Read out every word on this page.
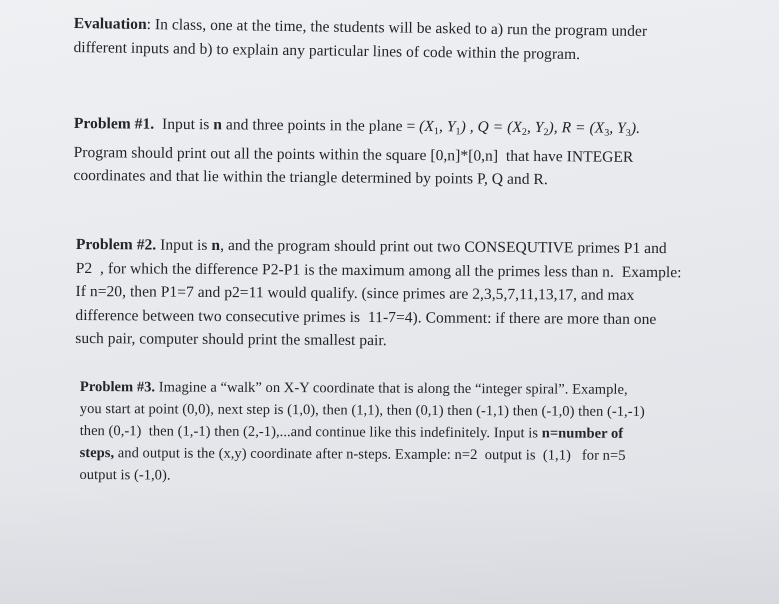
Evaluation: In class, one at the time, the students will be asked to a) run the program under
different inputs and b) to explain any particular lines of code within the program.
Problem #1.  Input is n and three points in the plane = ($X_1$, $Y_1$) , $Q = (X_2$, $Y_2$), $R = (X_3$, $Y_3$).
Program should print out all the points within the square [0,n]*[0,n]  that have INTEGER
coordinates and that lie within the triangle determined by points P, Q and R.
Problem #2. Input is n, and the program should print out two CONSEQUTIVE primes P1 and
P2  , for which the difference P2-P1 is the maximum among all the primes less than n.  Example:
If n=20, then P1=7 and p2=11 would qualify. (since primes are 2,3,5,7,11,13,17, and max
difference between two consecutive primes is  11-7=4). Comment: if there are more than one
such pair, computer should print the smallest pair.
Problem #3. Imagine a “walk” on X-Y coordinate that is along the “integer spiral”. Example,
you start at point (0,0), next step is (1,0), then (1,1), then (0,1) then (-1,1) then (-1,0) then (-1,-1)
then (0,-1)  then (1,-1) then (2,-1),...and continue like this indefinitely. Input is n=number of
steps, and output is the (x,y) coordinate after n-steps. Example: n=2  output is  (1,1)   for n=5
output is (-1,0).
